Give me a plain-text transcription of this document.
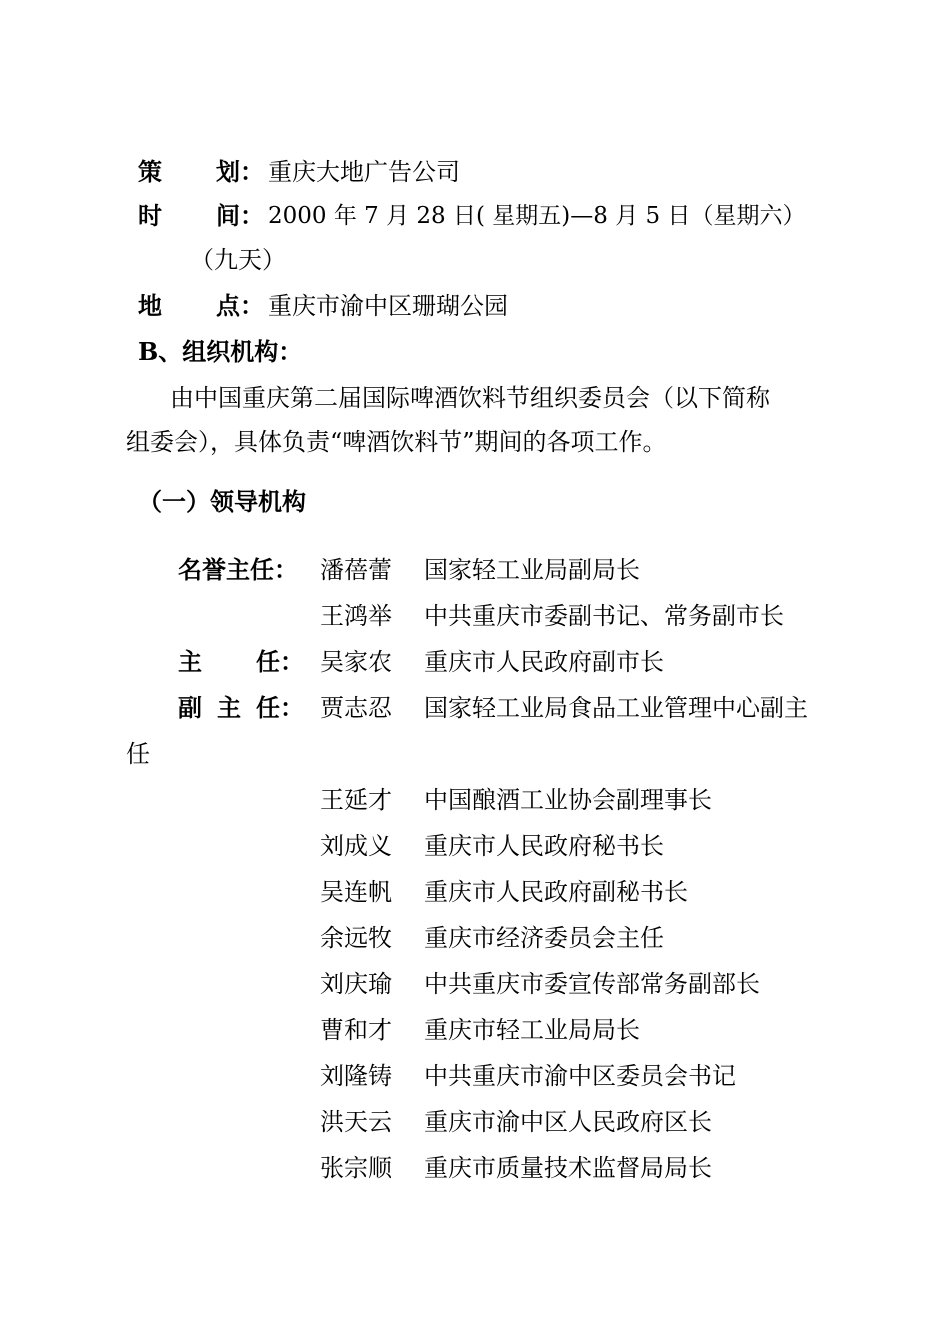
策 划： 重庆大地广告公司
时 间： 2000 年 7 月 28 日( 星期五)—8 月 5 日（星期六）
（九天）
地 点： 重庆市渝中区珊瑚公园
B、组织机构：
由中国重庆第二届国际啤酒饮料节组织委员会（以下简称
组委会），具体负责“啤酒饮料节”期间的各项工作。
（一）领导机构
名誉主任：
主 任：
副 主 任：
任
潘蓓蕾 国家轻工业局副局长
王鸿举 中共重庆市委副书记、常务副市长
吴家农 重庆市人民政府副市长
贾志忍 国家轻工业局食品工业管理中心副主
王延才 中国酿酒工业协会副理事长
刘成义 重庆市人民政府秘书长
吴连帆 重庆市人民政府副秘书长
余远牧 重庆市经济委员会主任
刘庆瑜 中共重庆市委宣传部常务副部长
曹和才 重庆市轻工业局局长
刘隆铸 中共重庆市渝中区委员会书记
洪天云 重庆市渝中区人民政府区长
张宗顺 重庆市质量技术监督局局长
